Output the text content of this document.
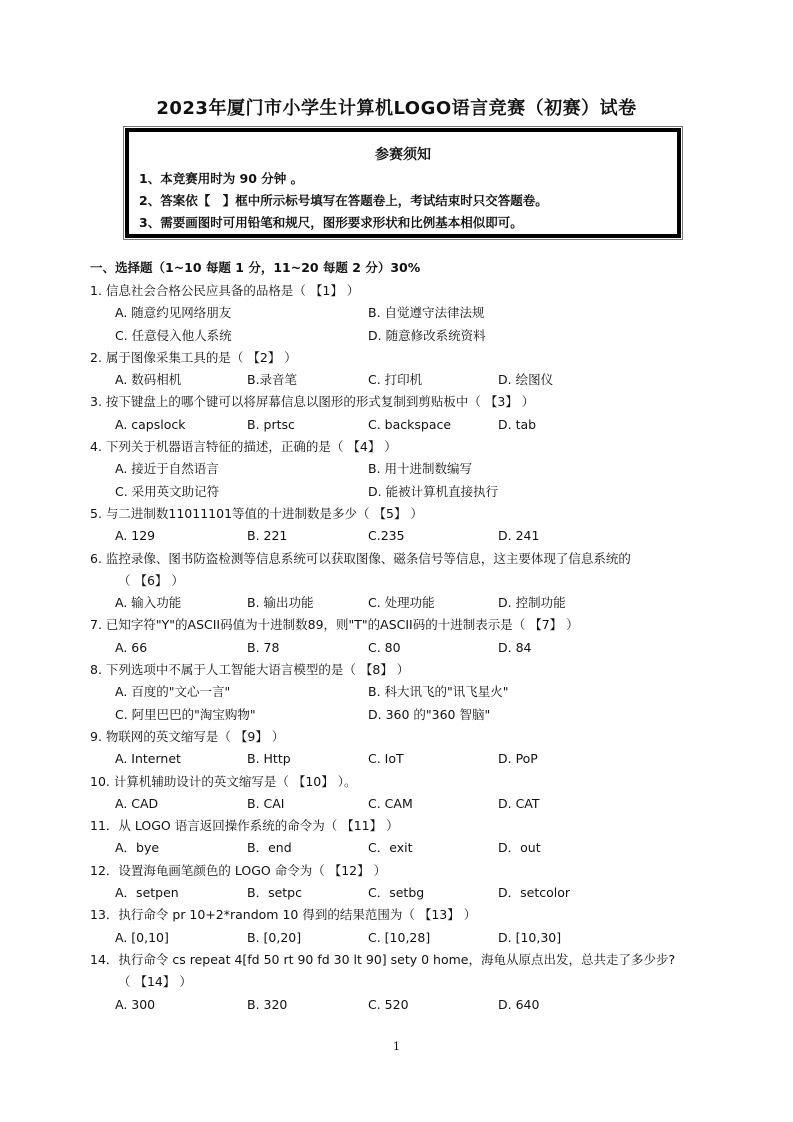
2023年厦门市小学生计算机LOGO语言竞赛（初赛）试卷
参赛须知
1、本竞赛用时为 90 分钟 。
2、答案依【　】框中所示标号填写在答题卷上，考试结束时只交答题卷。
3、需要画图时可用铅笔和规尺，图形要求形状和比例基本相似即可。
一、选择题（1~10 每题 1 分，11~20 每题 2 分）30%
1. 信息社会合格公民应具备的品格是（ 【1】 ）
A. 随意约见网络朋友	B. 自觉遵守法律法规
C. 任意侵入他人系统	D. 随意修改系统资料
2. 属于图像采集工具的是（ 【2】 ）
A. 数码相机	B.录音笔	C. 打印机	D. 绘图仪
3. 按下键盘上的哪个键可以将屏幕信息以图形的形式复制到剪贴板中（ 【3】 ）
A. capslock	B. prtsc	C. backspace	D. tab
4. 下列关于机器语言特征的描述，正确的是（ 【4】 ）
A. 接近于自然语言	B. 用十进制数编写
C. 采用英文助记符	D. 能被计算机直接执行
5. 与二进制数11011101等值的十进制数是多少（ 【5】 ）
A. 129	B. 221	C.235	D. 241
6. 监控录像、图书防盗检测等信息系统可以获取图像、磁条信号等信息，这主要体现了信息系统的
（ 【6】 ）
A. 输入功能	B. 输出功能	C. 处理功能	D. 控制功能
7. 已知字符"Y"的ASCII码值为十进制数89，则"T"的ASCII码的十进制表示是（ 【7】 ）
A. 66	B. 78	C. 80	D. 84
8. 下列选项中不属于人工智能大语言模型的是（ 【8】 ）
A. 百度的"文心一言"	B. 科大讯飞的"讯飞星火"
C. 阿里巴巴的"淘宝购物"	D. 360 的"360 智脑"
9. 物联网的英文缩写是（ 【9】 ）
A. Internet	B. Http	C. IoT	D. PoP
10. 计算机辅助设计的英文缩写是（ 【10】 ）。
A. CAD	B. CAI	C. CAM	D. CAT
11．从 LOGO 语言返回操作系统的命令为（ 【11】 ）
A．bye	B．end	C．exit	D．out
12．设置海龟画笔颜色的 LOGO 命令为（ 【12】 ）
A．setpen	B．setpc	C．setbg	D．setcolor
13．执行命令 pr 10+2*random 10 得到的结果范围为（ 【13】 ）
A. [0,10]	B. [0,20]	C. [10,28]	D. [10,30]
14．执行命令 cs repeat 4[fd 50 rt 90 fd 30 lt 90] sety 0 home，海龟从原点出发，总共走了多少步?
（ 【14】 ）
A. 300	B. 320	C. 520	D. 640
1
